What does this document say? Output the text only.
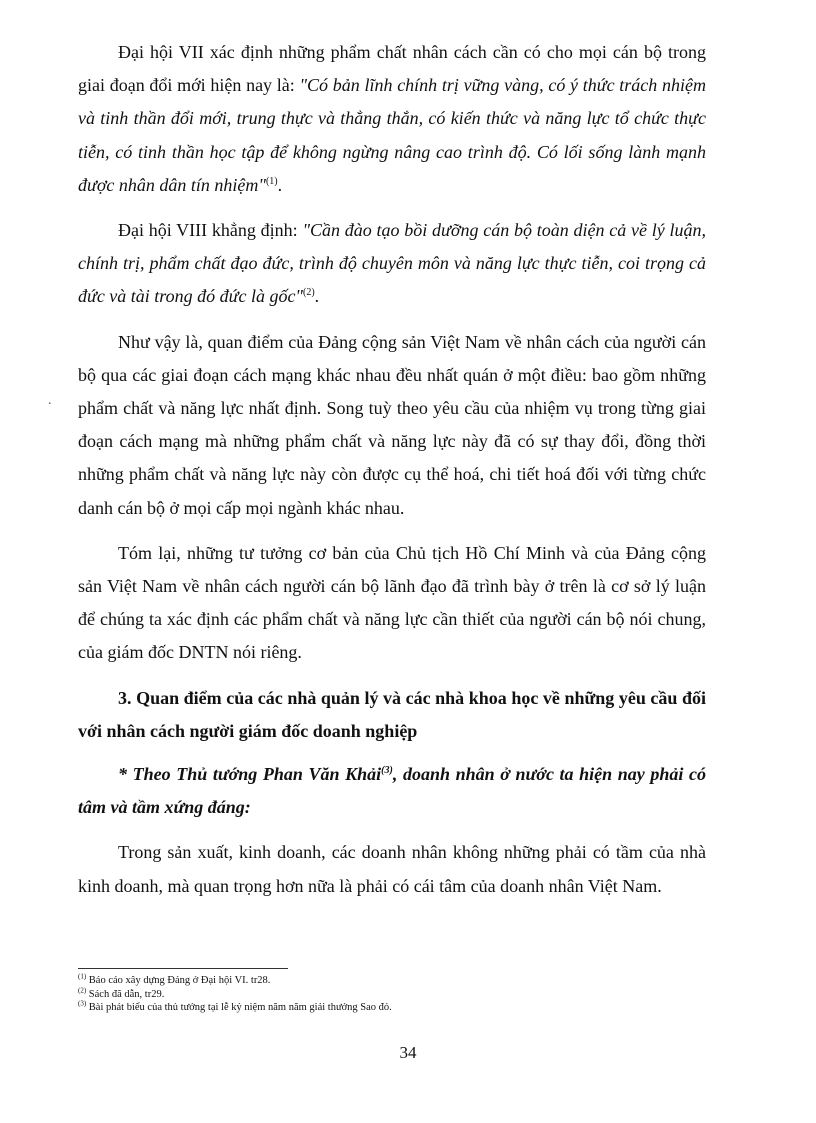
.

Đại hội VII xác định những phẩm chất nhân cách cần có cho mọi cán bộ trong giai đoạn đổi mới hiện nay là: "Có bản lĩnh chính trị vững vàng, có ý thức trách nhiệm và tinh thần đổi mới, trung thực và thẳng thắn, có kiến thức và năng lực tổ chức thực tiễn, có tinh thần học tập để không ngừng nâng cao trình độ. Có lối sống lành mạnh được nhân dân tín nhiệm"$^{(1)}$.

Đại hội VIII khẳng định: "Cần đào tạo bồi dưỡng cán bộ toàn diện cả về lý luận, chính trị, phẩm chất đạo đức, trình độ chuyên môn và năng lực thực tiễn, coi trọng cả đức và tài trong đó đức là gốc"$^{(2)}$.

Như vậy là, quan điểm của Đảng cộng sản Việt Nam về nhân cách của người cán bộ qua các giai đoạn cách mạng khác nhau đều nhất quán ở một điều: bao gồm những phẩm chất và năng lực nhất định. Song tuỳ theo yêu cầu của nhiệm vụ trong từng giai đoạn cách mạng mà những phẩm chất và năng lực này đã có sự thay đổi, đồng thời những phẩm chất và năng lực này còn được cụ thể hoá, chi tiết hoá đối với từng chức danh cán bộ ở mọi cấp mọi ngành khác nhau.

Tóm lại, những tư tưởng cơ bản của Chủ tịch Hồ Chí Minh và của Đảng cộng sản Việt Nam về nhân cách người cán bộ lãnh đạo đã trình bày ở trên là cơ sở lý luận để chúng ta xác định các phẩm chất và năng lực cần thiết của người cán bộ nói chung, của giám đốc DNTN nói riêng.

3. Quan điểm của các nhà quản lý và các nhà khoa học về những yêu cầu đối với nhân cách người giám đốc doanh nghiệp

* Theo Thủ tướng Phan Văn Khải$^{(3)}$, doanh nhân ở nước ta hiện nay phải có tâm và tầm xứng đáng:

Trong sản xuất, kinh doanh, các doanh nhân không những phải có tầm của nhà kinh doanh, mà quan trọng hơn nữa là phải có cái tâm của doanh nhân Việt Nam.

$^{(1)}$ Báo cáo xây dựng Đảng ở Đại hội VI. tr28.
$^{(2)}$ Sách đã dẫn, tr29.
$^{(3)}$ Bài phát biểu của thủ tướng tại lễ kỷ niệm năm năm giải thưởng Sao đỏ.
34
